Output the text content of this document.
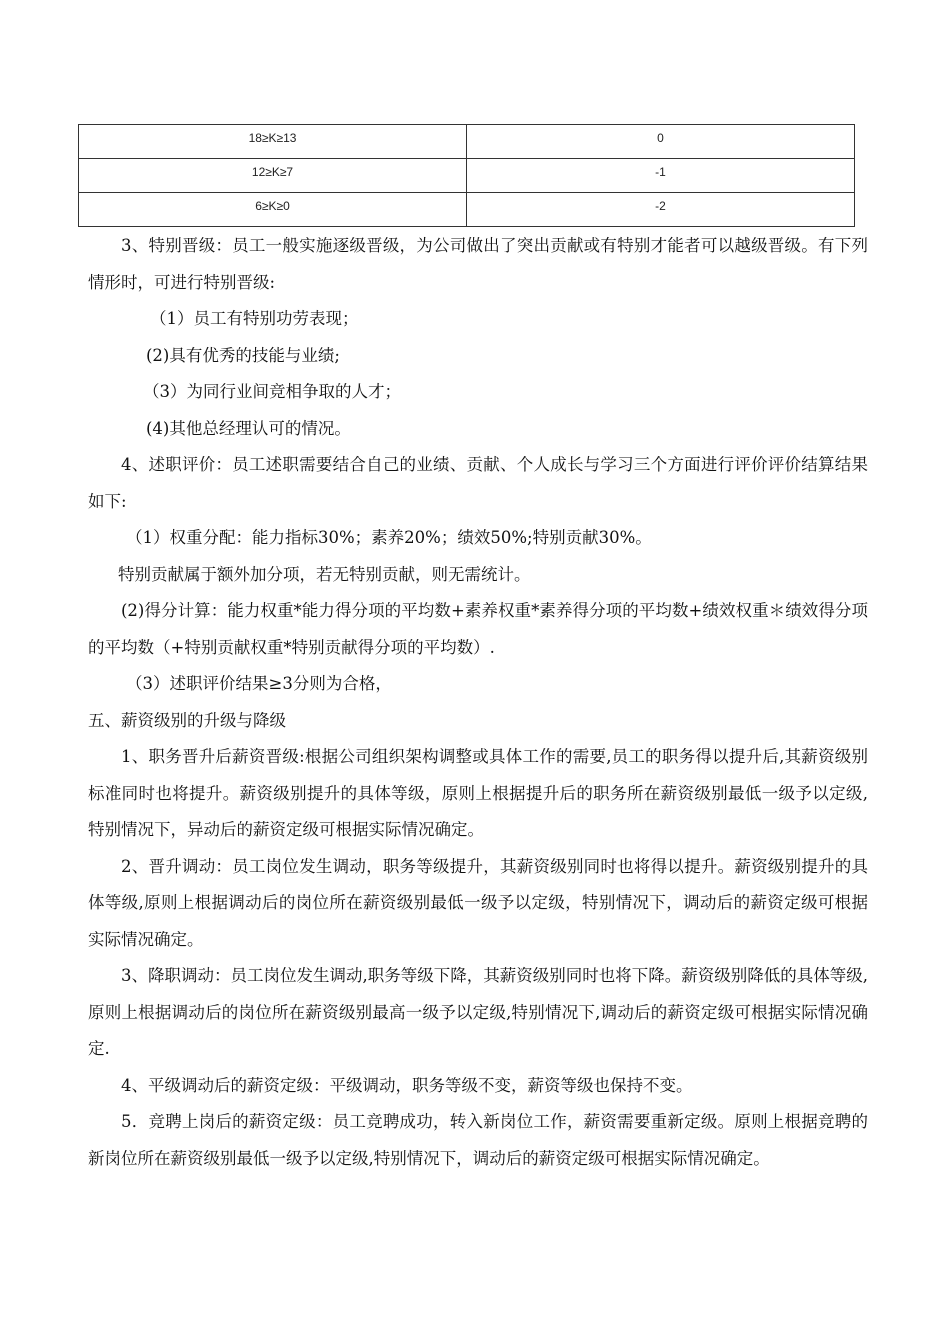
18≥K≥13	0
12≥K≥7	-1
6≥K≥0	-2

3、特别晋级：员工一般实施逐级晋级，为公司做出了突出贡献或有特别才能者可以越级晋级。有下列情形时，可进行特别晋级:

（1）员工有特别功劳表现；

(2)具有优秀的技能与业绩;

（3）为同行业间竞相争取的人才；

(4)其他总经理认可的情况。

4、述职评价：员工述职需要结合自己的业绩、贡献、个人成长与学习三个方面进行评价评价结算结果如下:

（1）权重分配：能力指标30%；素养20%；绩效50%;特别贡献30%。

特别贡献属于额外加分项，若无特别贡献，则无需统计。

(2)得分计算：能力权重*能力得分项的平均数+素养权重*素养得分项的平均数+绩效权重＊绩效得分项的平均数（+特别贡献权重*特别贡献得分项的平均数）.

（3）述职评价结果≥3分则为合格，

五、薪资级别的升级与降级

1、职务晋升后薪资晋级:根据公司组织架构调整或具体工作的需要,员工的职务得以提升后,其薪资级别标准同时也将提升。薪资级别提升的具体等级，原则上根据提升后的职务所在薪资级别最低一级予以定级,特别情况下，异动后的薪资定级可根据实际情况确定。

2、晋升调动：员工岗位发生调动，职务等级提升，其薪资级别同时也将得以提升。薪资级别提升的具体等级,原则上根据调动后的岗位所在薪资级别最低一级予以定级，特别情况下，调动后的薪资定级可根据实际情况确定。

3、降职调动：员工岗位发生调动,职务等级下降，其薪资级别同时也将下降。薪资级别降低的具体等级,原则上根据调动后的岗位所在薪资级别最高一级予以定级,特别情况下,调动后的薪资定级可根据实际情况确定.

4、平级调动后的薪资定级：平级调动，职务等级不变，薪资等级也保持不变。

5．竞聘上岗后的薪资定级：员工竞聘成功，转入新岗位工作，薪资需要重新定级。原则上根据竞聘的新岗位所在薪资级别最低一级予以定级,特别情况下，调动后的薪资定级可根据实际情况确定。
